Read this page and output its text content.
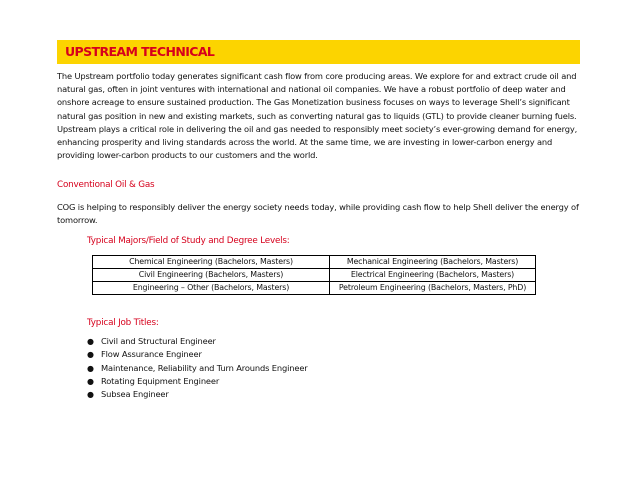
UPSTREAM TECHNICAL

The Upstream portfolio today generates significant cash flow from core producing areas. We explore for and extract crude oil and natural gas, often in joint ventures with international and national oil companies. We have a robust portfolio of deep water and onshore acreage to ensure sustained production. The Gas Monetization business focuses on ways to leverage Shell’s significant natural gas position in new and existing markets, such as converting natural gas to liquids (GTL) to provide cleaner burning fuels. Upstream plays a critical role in delivering the oil and gas needed to responsibly meet society’s ever-growing demand for energy, enhancing prosperity and living standards across the world. At the same time, we are investing in lower-carbon energy and providing lower-carbon products to our customers and the world.

Conventional Oil & Gas

COG is helping to responsibly deliver the energy society needs today, while providing cash flow to help Shell deliver the energy of tomorrow.

Typical Majors/Field of Study and Degree Levels:

Chemical Engineering (Bachelors, Masters)	Mechanical Engineering (Bachelors, Masters)
Civil Engineering (Bachelors, Masters)	Electrical Engineering (Bachelors, Masters)
Engineering – Other (Bachelors, Masters)	Petroleum Engineering (Bachelors, Masters, PhD)

Typical Job Titles:

● Civil and Structural Engineer
● Flow Assurance Engineer
● Maintenance, Reliability and Turn Arounds Engineer
● Rotating Equipment Engineer
● Subsea Engineer
